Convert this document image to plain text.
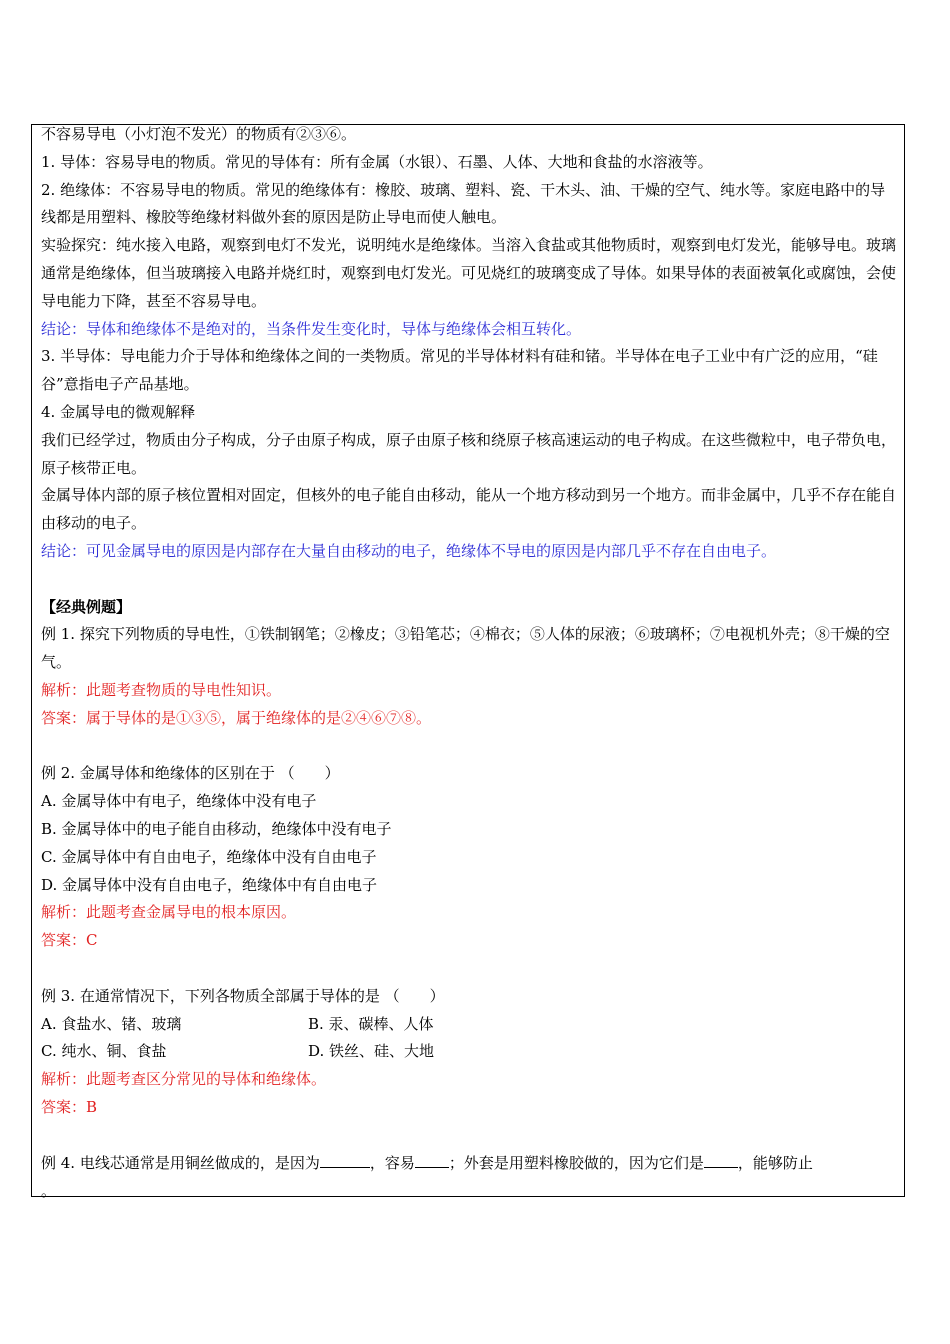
不容易导电（小灯泡不发光）的物质有②③⑥。

1. 导体：容易导电的物质。常见的导体有：所有金属（水银）、石墨、人体、大地和食盐的水溶液等。

2. 绝缘体：不容易导电的物质。常见的绝缘体有：橡胶、玻璃、塑料、瓷、干木头、油、干燥的空气、纯水等。家庭电路中的导线都是用塑料、橡胶等绝缘材料做外套的原因是防止导电而使人触电。

实验探究：纯水接入电路，观察到电灯不发光，说明纯水是绝缘体。当溶入食盐或其他物质时，观察到电灯发光，能够导电。玻璃通常是绝缘体，但当玻璃接入电路并烧红时，观察到电灯发光。可见烧红的玻璃变成了导体。如果导体的表面被氧化或腐蚀，会使导电能力下降，甚至不容易导电。

结论：导体和绝缘体不是绝对的，当条件发生变化时，导体与绝缘体会相互转化。

3. 半导体：导电能力介于导体和绝缘体之间的一类物质。常见的半导体材料有硅和锗。半导体在电子工业中有广泛的应用，“硅谷”意指电子产品基地。

4. 金属导电的微观解释

我们已经学过，物质由分子构成，分子由原子构成，原子由原子核和绕原子核高速运动的电子构成。在这些微粒中，电子带负电，原子核带正电。

金属导体内部的原子核位置相对固定，但核外的电子能自由移动，能从一个地方移动到另一个地方。而非金属中，几乎不存在能自由移动的电子。

结论：可见金属导电的原因是内部存在大量自由移动的电子，绝缘体不导电的原因是内部几乎不存在自由电子。

【经典例题】

例 1. 探究下列物质的导电性，①铁制钢笔；②橡皮；③铅笔芯；④棉衣；⑤人体的尿液；⑥玻璃杯；⑦电视机外壳；⑧干燥的空气。

解析：此题考查物质的导电性知识。

答案：属于导体的是①③⑤，属于绝缘体的是②④⑥⑦⑧。

例 2. 金属导体和绝缘体的区别在于 （　　）

A. 金属导体中有电子，绝缘体中没有电子

B. 金属导体中的电子能自由移动，绝缘体中没有电子

C. 金属导体中有自由电子，绝缘体中没有自由电子

D. 金属导体中没有自由电子，绝缘体中有自由电子

解析：此题考查金属导电的根本原因。

答案：C

例 3. 在通常情况下，下列各物质全部属于导体的是 （　　）

A. 食盐水、锗、玻璃	B. 汞、碳棒、人体
C. 纯水、铜、食盐	D. 铁丝、硅、大地

解析：此题考查区分常见的导体和绝缘体。

答案：B

例 4. 电线芯通常是用铜丝做成的，是因为	，容易 ；外套是用塑料橡胶做的，因为它们是 ，能够防止
。
